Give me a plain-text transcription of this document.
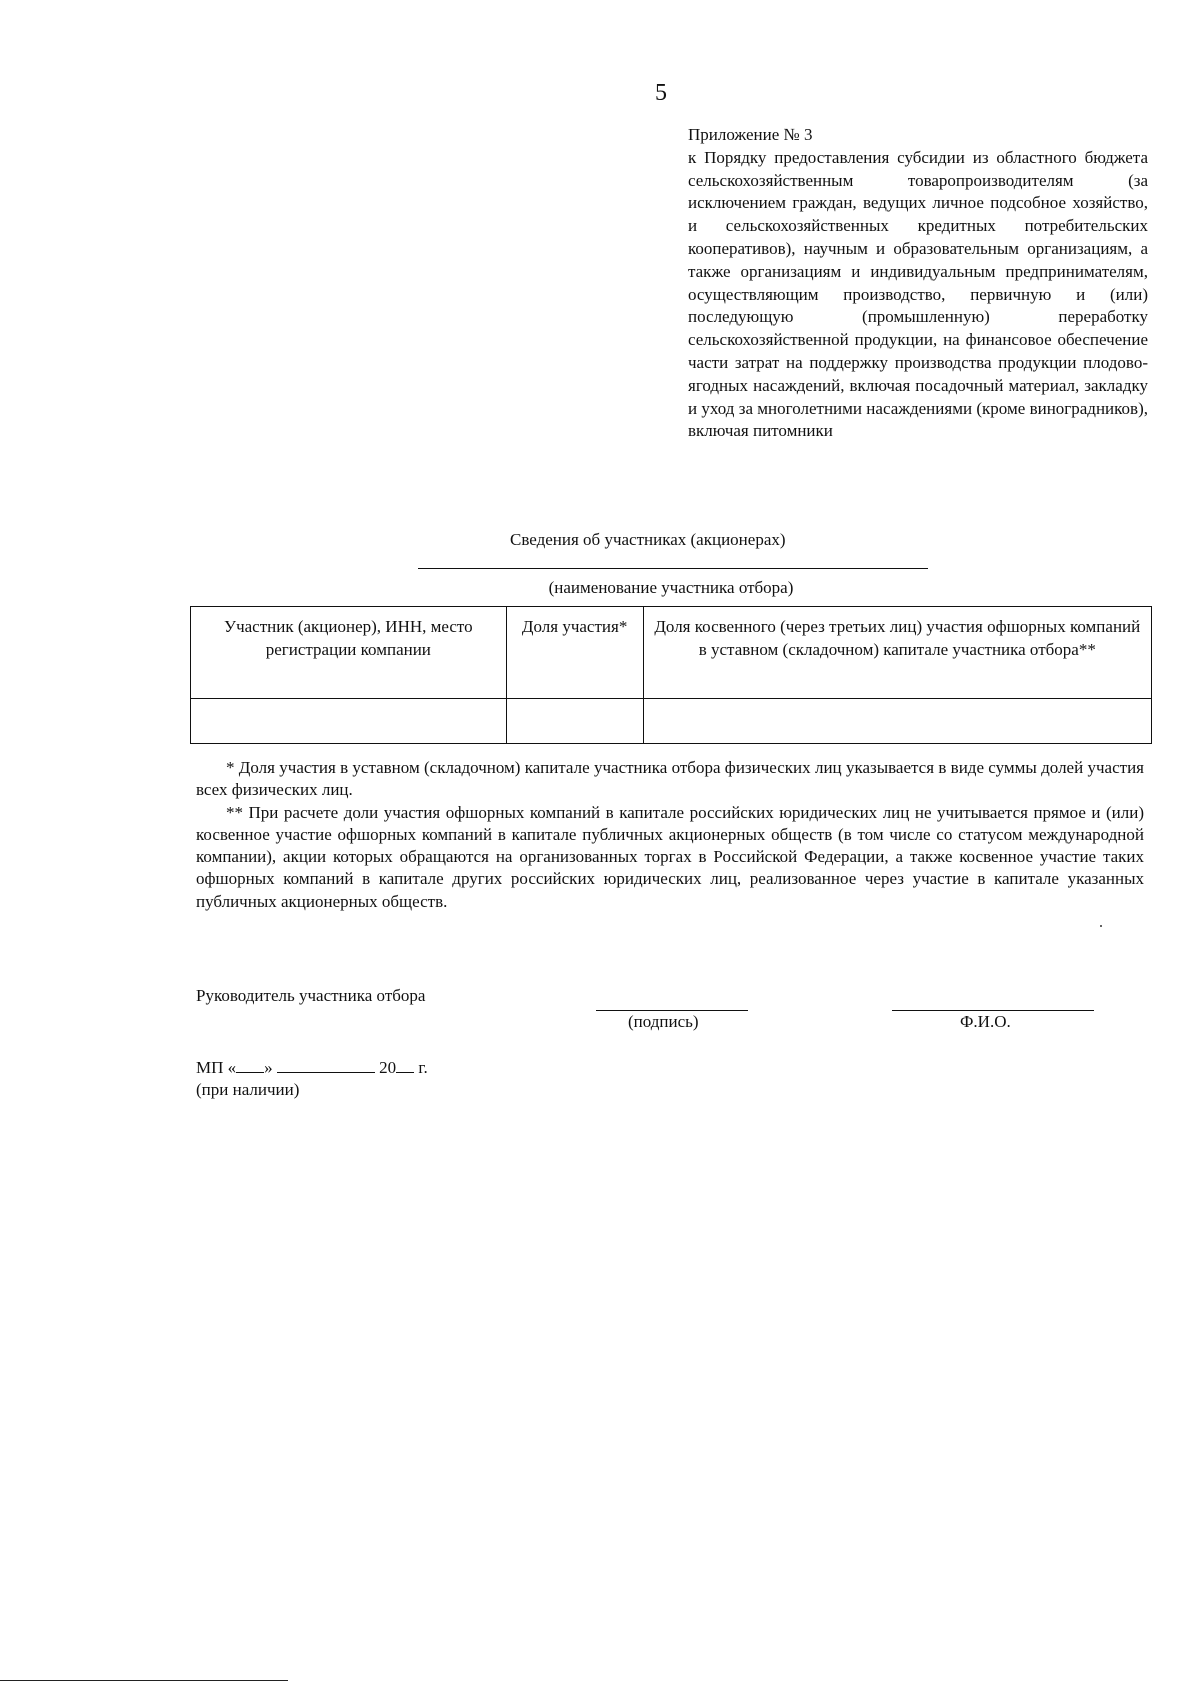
5
Приложение № 3
к Порядку предоставления субсидии из областного бюджета сельскохозяйственным товаропроизводителям (за исключением граждан, ведущих личное подсобное хозяйство, и сельскохозяйственных кредитных потребительских кооперативов), научным и образовательным организациям, а также организациям и индивидуальным предпринимателям, осуществляющим производство, первичную и (или) последующую (промышленную) переработку сельскохозяйственной продукции, на финансовое обеспечение части затрат на поддержку производства продукции плодово-ягодных насаждений, включая посадочный материал, закладку и уход за многолетними насаждениями (кроме виноградников), включая питомники
Сведения об участниках (акционерах)
(наименование участника отбора)
Участник (акционер), ИНН, место регистрации компании	Доля участия*	Доля косвенного (через третьих лиц) участия офшорных компаний в уставном (складочном) капитале участника отбора**

* Доля участия в уставном (складочном) капитале участника отбора физических лиц указывается в виде суммы долей участия всех физических лиц.

** При расчете доли участия офшорных компаний в капитале российских юридических лиц не учитывается прямое и (или) косвенное участие офшорных компаний в капитале публичных акционерных обществ (в том числе со статусом международной компании), акции которых обращаются на организованных торгах в Российской Федерации, а также косвенное участие таких офшорных компаний в капитале других российских юридических лиц, реализованное через участие в капитале указанных публичных акционерных обществ.

Руководитель участника отбора
(подпись)	Ф.И.О.
МП « »	20 г.
(при наличии)
